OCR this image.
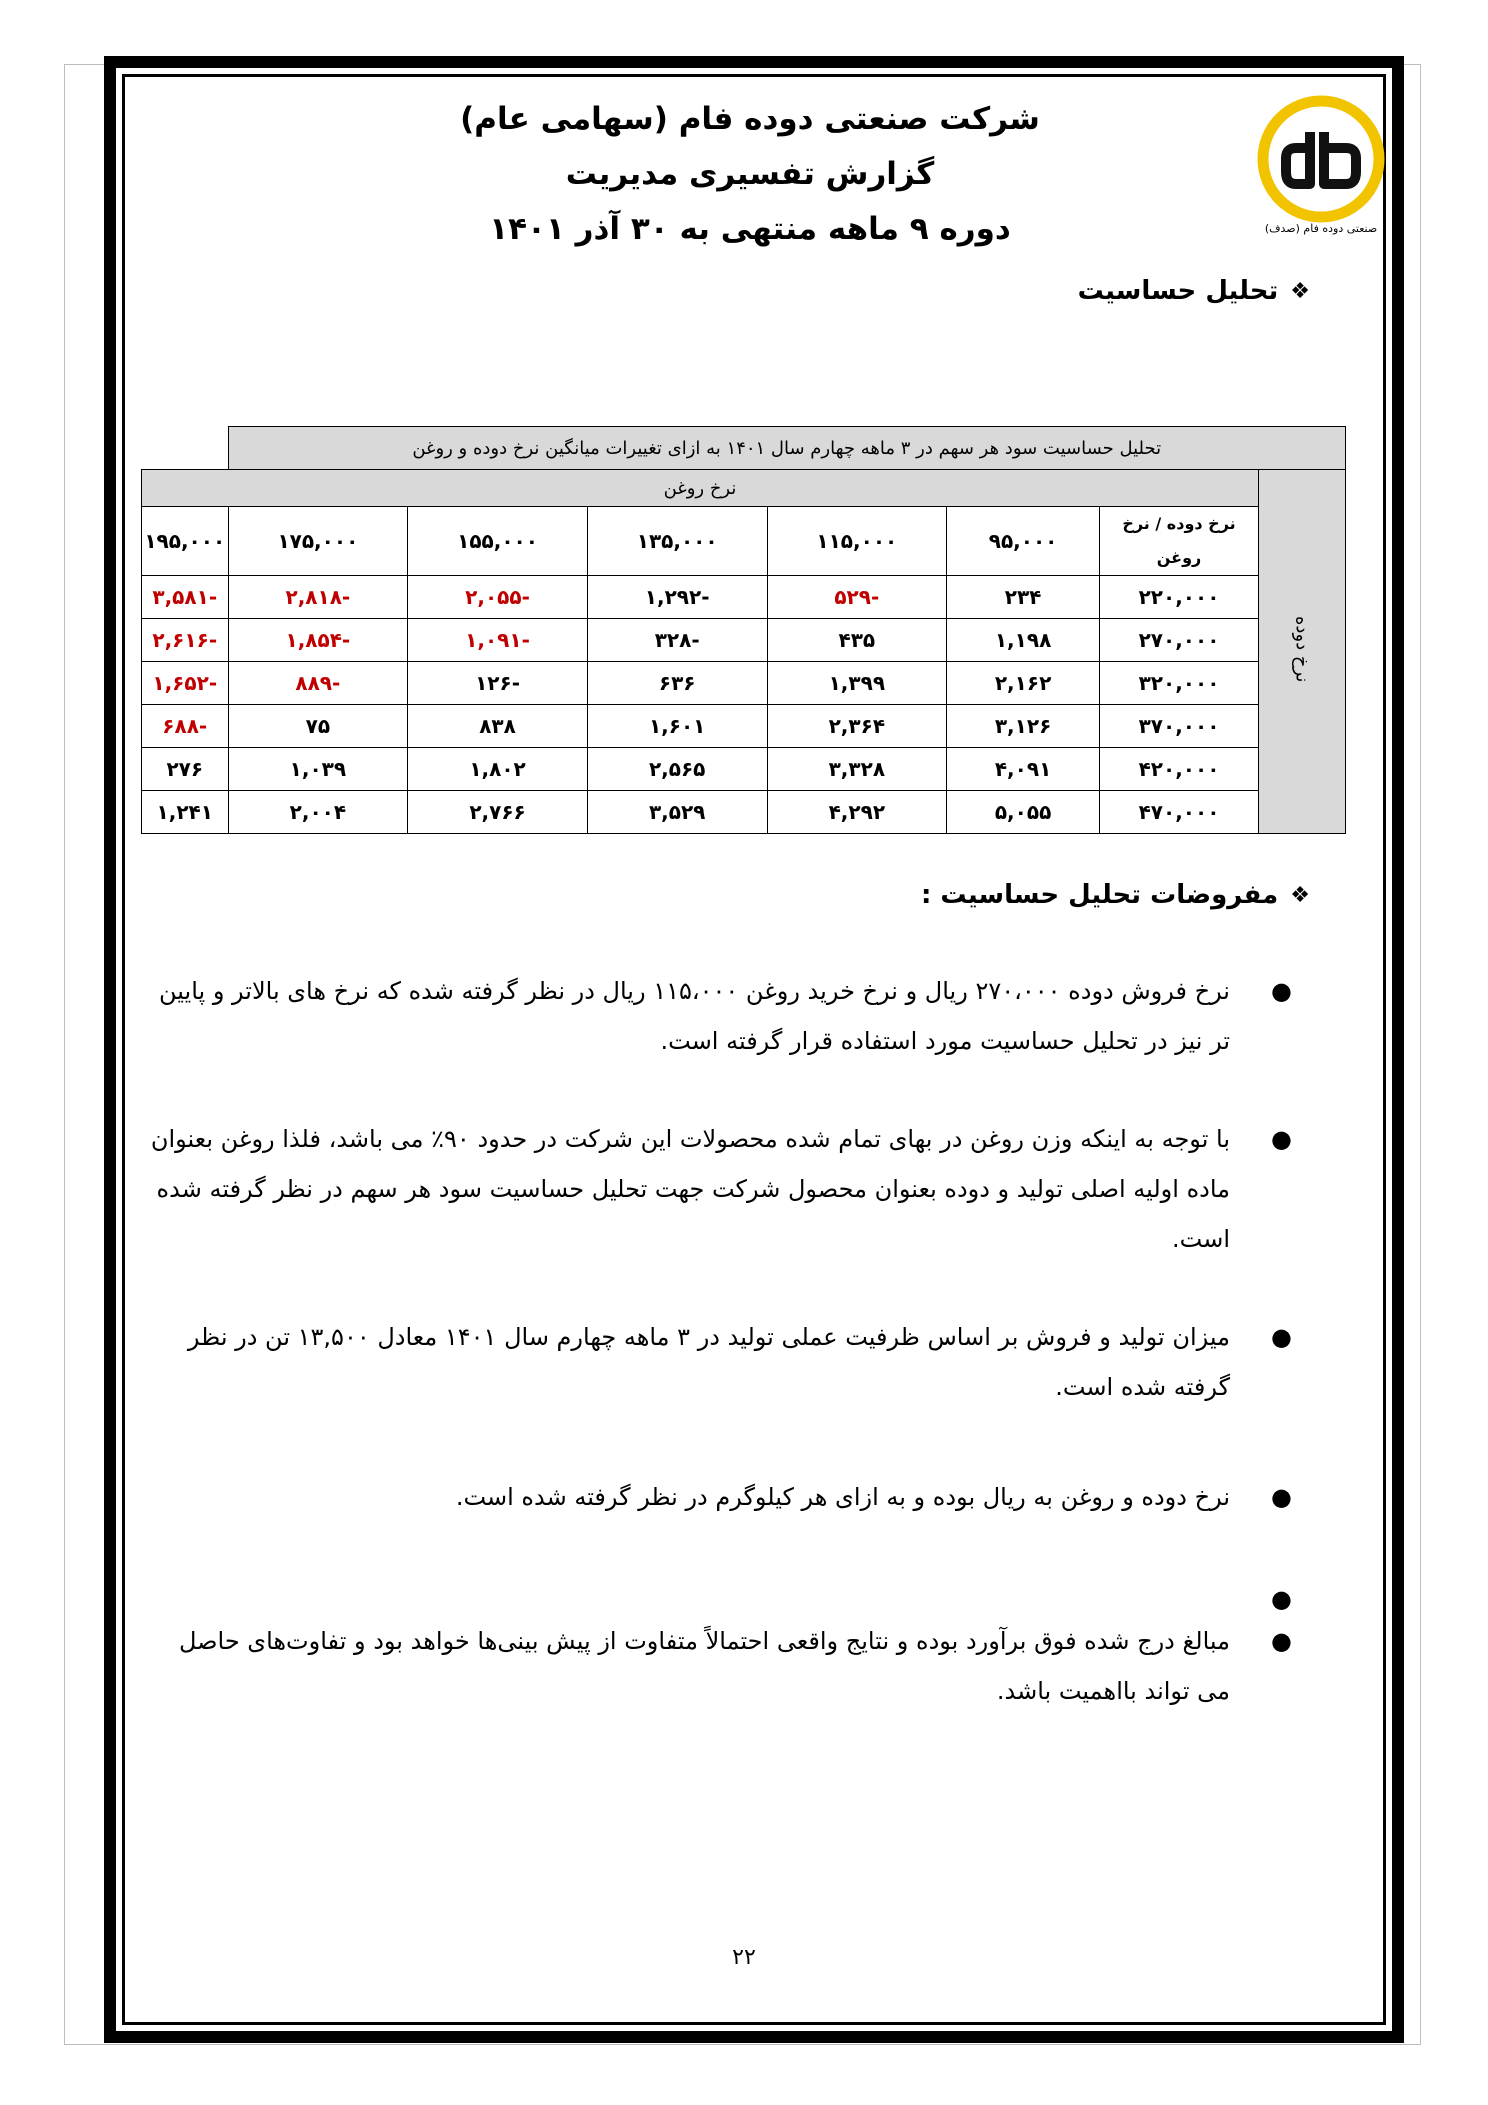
شرکت صنعتی دوده فام (سهامی عام)
گزارش تفسیری مدیریت
دوره ۹ ماهه منتهی به ۳۰ آذر ۱۴۰۱	صنعتی دوده فام (صدف)
❖
تحلیل حساسیت
تحلیل حساسیت سود هر سهم در ۳ ماهه چهارم سال ۱۴۰۱ به ازای تغییرات میانگین نرخ دوده و روغن							
نرخ دوده	نرخ روغن						
	نرخ دوده / نرخ روغن	۹۵,۰۰۰	۱۱۵,۰۰۰	۱۳۵,۰۰۰	۱۵۵,۰۰۰	۱۷۵,۰۰۰	۱۹۵,۰۰۰
	۲۲۰,۰۰۰	۲۳۴	-۵۲۹	-۱,۲۹۲	-۲,۰۵۵	-۲,۸۱۸	-۳,۵۸۱
	۲۷۰,۰۰۰	۱,۱۹۸	۴۳۵	-۳۲۸	-۱,۰۹۱	-۱,۸۵۴	-۲,۶۱۶
	۳۲۰,۰۰۰	۲,۱۶۲	۱,۳۹۹	۶۳۶	-۱۲۶	-۸۸۹	-۱,۶۵۲
	۳۷۰,۰۰۰	۳,۱۲۶	۲,۳۶۴	۱,۶۰۱	۸۳۸	۷۵	-۶۸۸
	۴۲۰,۰۰۰	۴,۰۹۱	۳,۳۲۸	۲,۵۶۵	۱,۸۰۲	۱,۰۳۹	۲۷۶
	۴۷۰,۰۰۰	۵,۰۵۵	۴,۲۹۲	۳,۵۲۹	۲,۷۶۶	۲,۰۰۴	۱,۲۴۱
❖
مفروضات تحلیل حساسیت :
●
نرخ فروش دوده ۲۷۰،۰۰۰ ریال و نرخ خرید روغن ۱۱۵،۰۰۰ ریال در نظر گرفته شده که نرخ های بالاتر و پایین تر نیز در تحلیل حساسیت مورد استفاده قرار گرفته است.
●
با توجه به اینکه وزن روغن در بهای تمام شده محصولات این شرکت در حدود ۹۰٪ می باشد، فلذا روغن بعنوان ماده اولیه اصلی تولید و دوده بعنوان محصول شرکت جهت تحلیل حساسیت سود هر سهم در نظر گرفته شده است.
●
میزان تولید و فروش بر اساس ظرفیت عملی تولید در ۳ ماهه چهارم سال ۱۴۰۱ معادل ۱۳,۵۰۰ تن در نظر گرفته شده است.
●
نرخ دوده و روغن به ریال بوده و به ازای هر کیلوگرم در نظر گرفته شده است.
●
●
مبالغ درج شده فوق برآورد بوده و نتایج واقعی احتمالاً متفاوت از پیش بینی‌ها خواهد بود و تفاوت‌های حاصل می تواند بااهمیت باشد.
۲۲
